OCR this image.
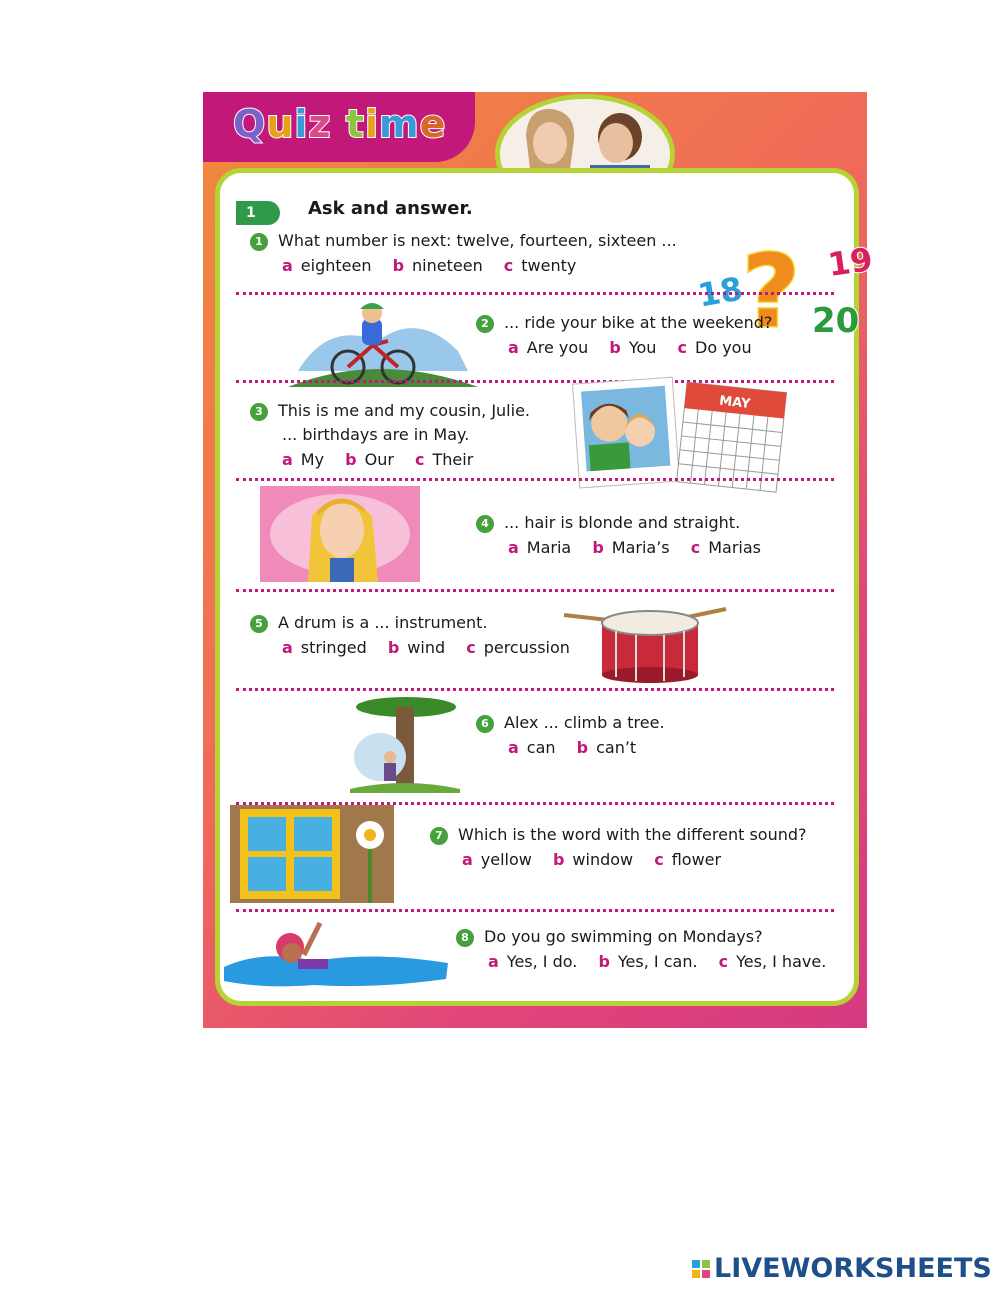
Quiz time
1	Ask and answer.
18
? 19
20
1 What number is next: twelve, fourteen, sixteen ...
a eighteen b nineteen c twenty
2 ... ride your bike at the weekend?
a Are you b You c Do you
3 This is me and my cousin, Julie.
... birthdays are in May.
a My b Our c Their
MAY
4 ... hair is blonde and straight.
a Maria b Maria’s c Marias
5 A drum is a ... instrument.
a stringed b wind c percussion
6 Alex ... climb a tree.
a can b can’t
7 Which is the word with the different sound?
a yellow b window c flower
8 Do you go swimming on Mondays?
a Yes, I do. b Yes, I can. c Yes, I have.
LIVEWORKSHEETS
